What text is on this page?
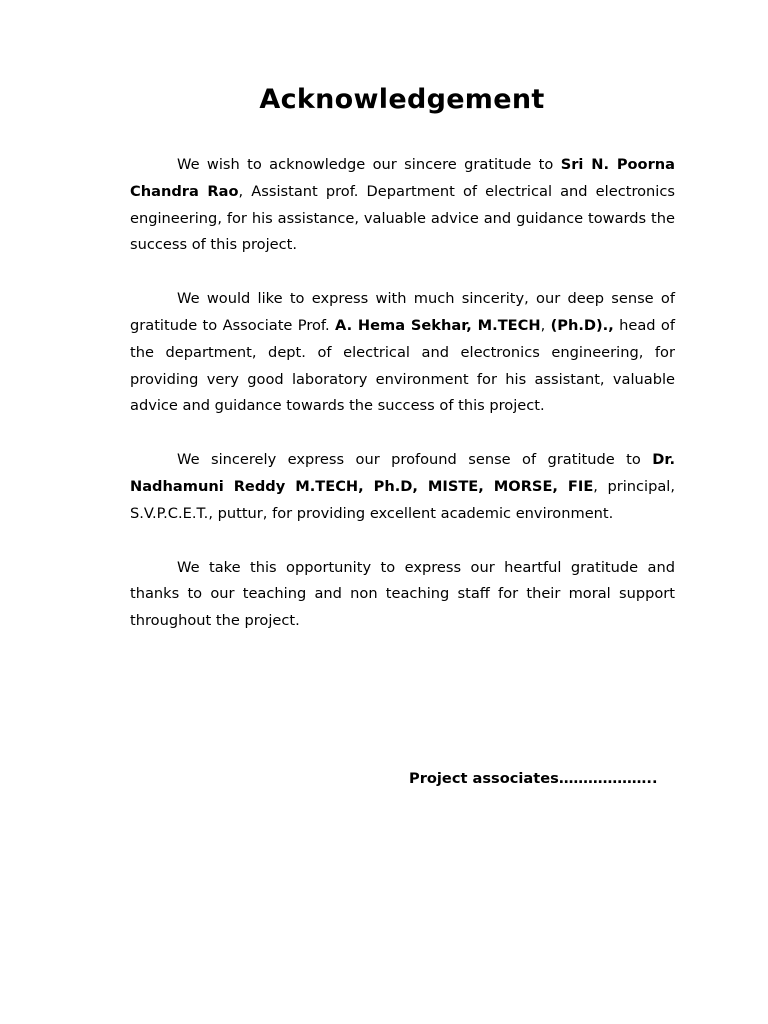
Acknowledgement

We wish to acknowledge our sincere gratitude to Sri N. Poorna Chandra Rao, Assistant prof. Department of electrical and electronics engineering, for his assistance, valuable advice and guidance towards the success of this project.

We would like to express with much sincerity, our deep sense of gratitude to Associate Prof. A. Hema Sekhar, M.TECH, (Ph.D)., head of the department, dept. of electrical and electronics engineering, for providing very good laboratory environment for his assistant, valuable advice and guidance towards the success of this project.

We sincerely express our profound sense of gratitude to Dr. Nadhamuni Reddy M.TECH, Ph.D, MISTE, MORSE, FIE, principal, S.V.P.C.E.T., puttur, for providing excellent academic environment.

We take this opportunity to express our heartful gratitude and thanks to our teaching and non teaching staff for their moral support throughout the project.

Project associates………………..
